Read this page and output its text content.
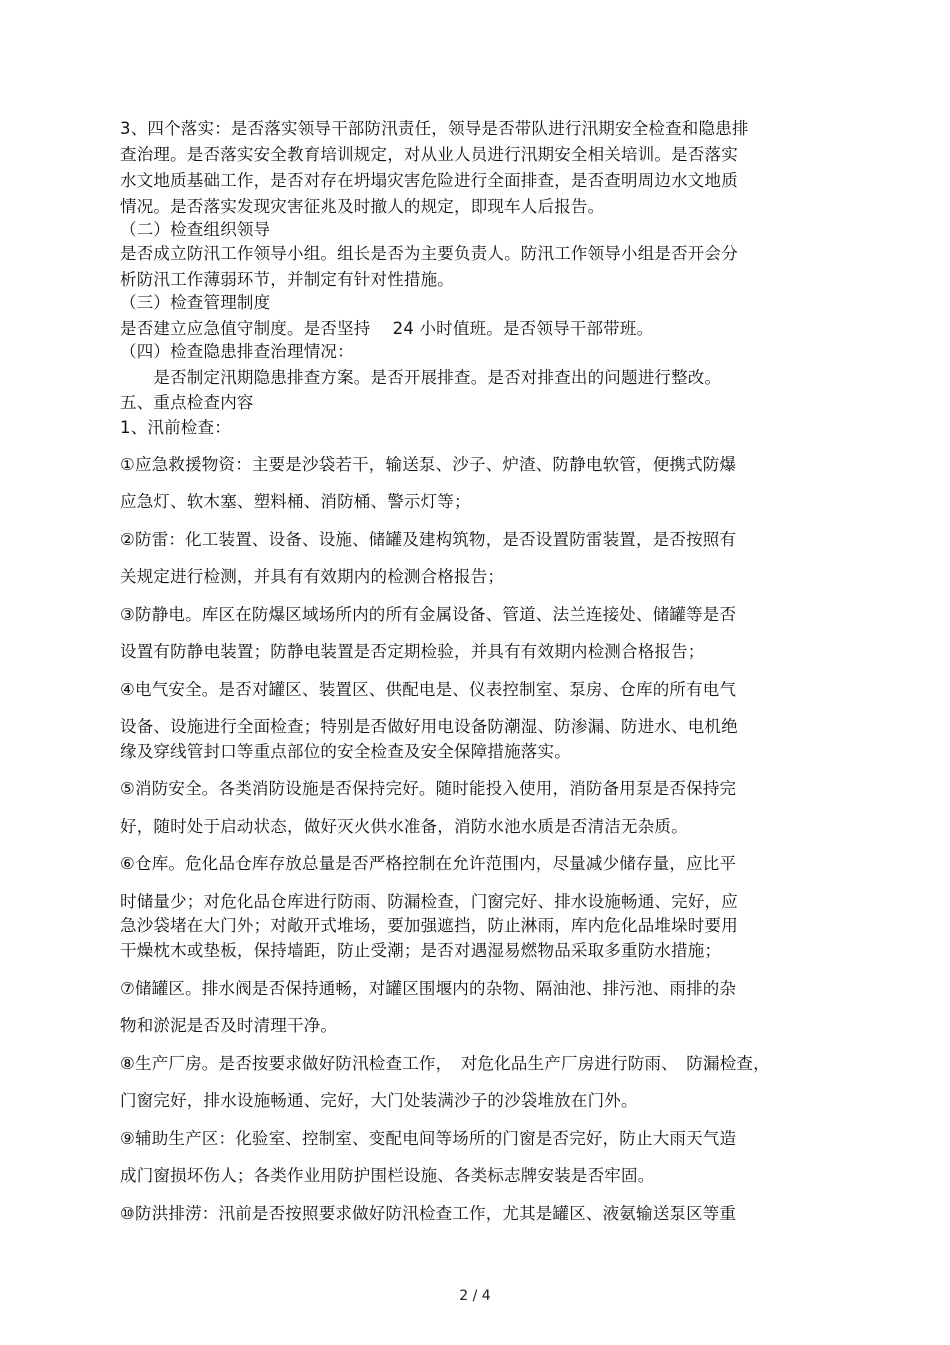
3、四个落实：是否落实领导干部防汛责任，领导是否带队进行汛期安全检查和隐患排
查治理。是否落实安全教育培训规定，对从业人员进行汛期安全相关培训。是否落实
水文地质基础工作，是否对存在坍塌灾害危险进行全面排查，是否查明周边水文地质
情况。是否落实发现灾害征兆及时撤人的规定，即现车人后报告。
（二）检查组织领导
是否成立防汛工作领导小组。组长是否为主要负责人。防汛工作领导小组是否开会分
析防汛工作薄弱环节，并制定有针对性措施。
（三）检查管理制度
是否建立应急值守制度。是否坚持　 24 小时值班。是否领导干部带班。
（四）检查隐患排查治理情况：
　　是否制定汛期隐患排查方案。是否开展排查。是否对排查出的问题进行整改。
五、重点检查内容
1、汛前检查：
①应急救援物资：主要是沙袋若干，输送泵、沙子、炉渣、防静电软管，便携式防爆
应急灯、软木塞、塑料桶、消防桶、警示灯等；
②防雷：化工装置、设备、设施、储罐及建构筑物，是否设置防雷装置，是否按照有
关规定进行检测，并具有有效期内的检测合格报告；
③防静电。库区在防爆区域场所内的所有金属设备、管道、法兰连接处、储罐等是否
设置有防静电装置；防静电装置是否定期检验，并具有有效期内检测合格报告；
④电气安全。是否对罐区、装置区、供配电是、仪表控制室、泵房、仓库的所有电气
设备、设施进行全面检查；特别是否做好用电设备防潮湿、防渗漏、防进水、电机绝
缘及穿线管封口等重点部位的安全检查及安全保障措施落实。
⑤消防安全。各类消防设施是否保持完好。随时能投入使用，消防备用泵是否保持完
好，随时处于启动状态，做好灭火供水准备，消防水池水质是否清洁无杂质。
⑥仓库。危化品仓库存放总量是否严格控制在允许范围内，尽量减少储存量，应比平
时储量少；对危化品仓库进行防雨、防漏检查，门窗完好、排水设施畅通、完好，应
急沙袋堵在大门外；对敞开式堆场，要加强遮挡，防止淋雨，库内危化品堆垛时要用
干燥枕木或垫板，保持墙距，防止受潮；是否对遇湿易燃物品采取多重防水措施；
⑦储罐区。排水阀是否保持通畅，对罐区围堰内的杂物、隔油池、排污池、雨排的杂
物和淤泥是否及时清理干净。
⑧生产厂房。是否按要求做好防汛检查工作，　对危化品生产厂房进行防雨、　防漏检查，
门窗完好，排水设施畅通、完好，大门处装满沙子的沙袋堆放在门外。
⑨辅助生产区：化验室、控制室、变配电间等场所的门窗是否完好，防止大雨天气造
成门窗损坏伤人；各类作业用防护围栏设施、各类标志牌安装是否牢固。
⑩防洪排涝：汛前是否按照要求做好防汛检查工作，尤其是罐区、液氨输送泵区等重
2 / 4
